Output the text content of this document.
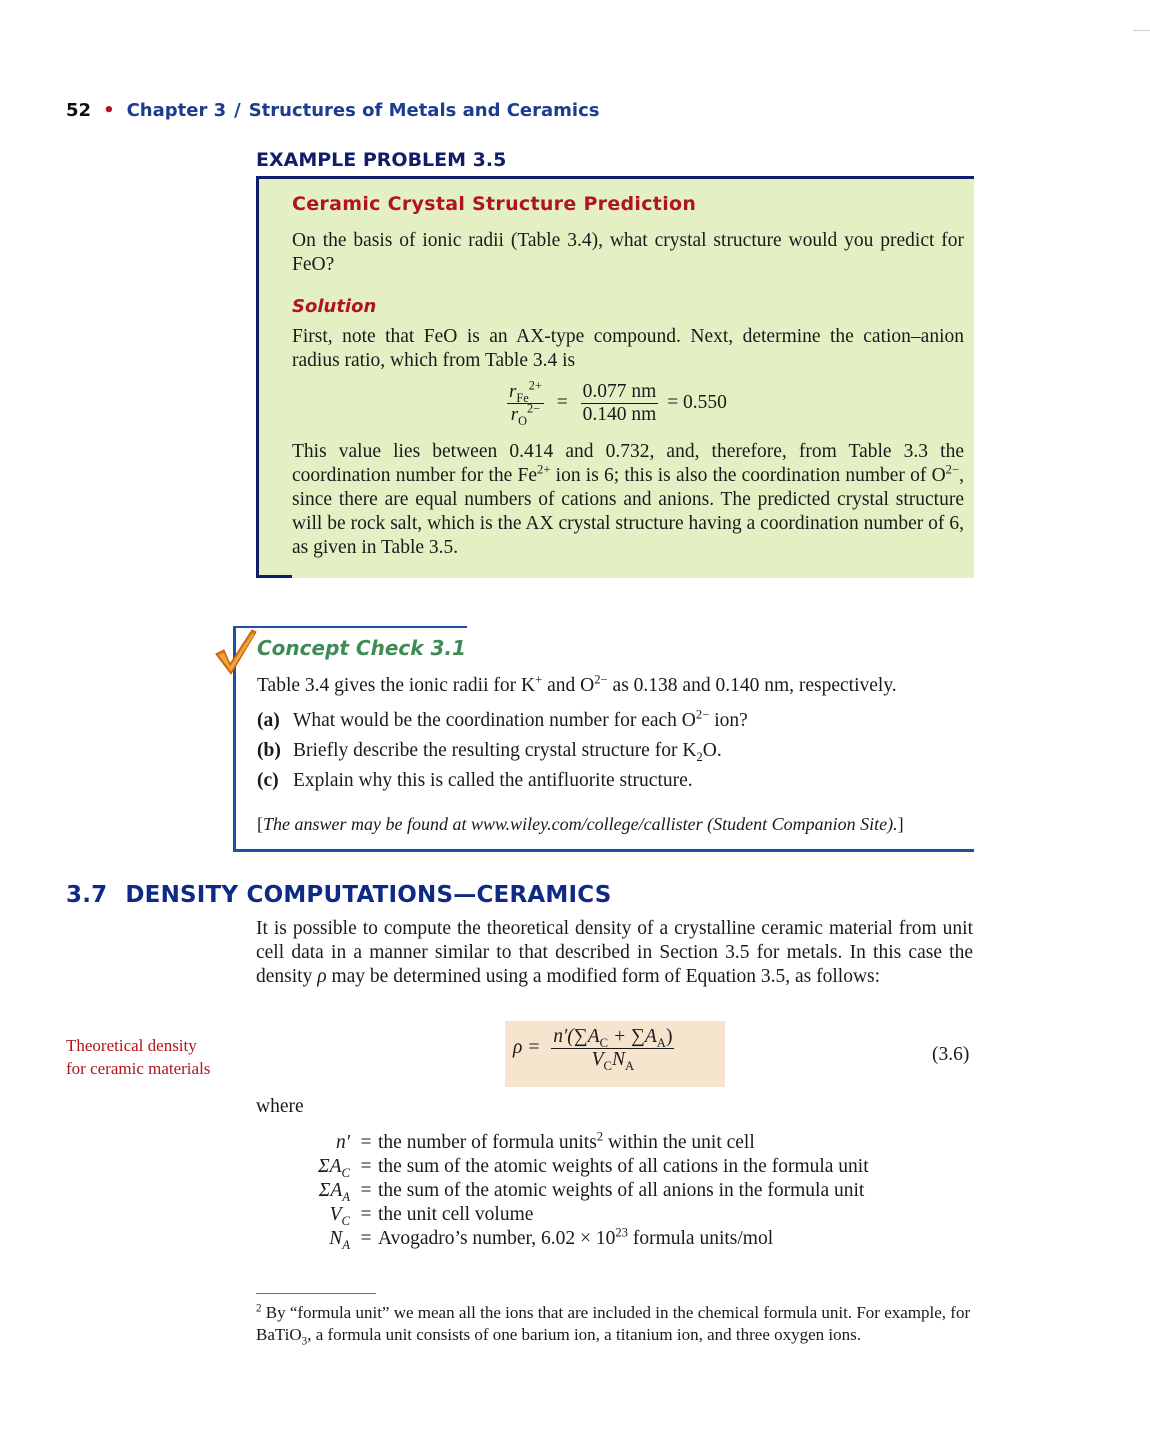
52 • Chapter 3 / Structures of Metals and Ceramics
EXAMPLE PROBLEM 3.5
Ceramic Crystal Structure Prediction
On the basis of ionic radii (Table 3.4), what crystal structure would you predict for FeO?
Solution
First, note that FeO is an AX-type compound. Next, determine the cation–anion radius ratio, which from Table 3.4 is
$\frac{r_{Fe}^{2+}}{r_O^{2-}} = \frac{0.077 nm}{0.140 nm} = 0.550$
This value lies between 0.414 and 0.732, and, therefore, from Table 3.3 the coordination number for the $Fe^{2+}$ ion is 6; this is also the coordination number of $O^{2-}$, since there are equal numbers of cations and anions. The predicted crystal structure will be rock salt, which is the AX crystal structure having a coordination number of 6, as given in Table 3.5.
Concept Check 3.1
Table 3.4 gives the ionic radii for K+ and $O^{2-}$ as 0.138 and 0.140 nm, respectively.
(a) What would be the coordination number for each $O^{2-}$ ion?
(b) Briefly describe the resulting crystal structure for $K_2O$.
(c) Explain why this is called the antifluorite structure.
[The answer may be found at www.wiley.com/college/callister (Student Companion Site).]
3.7 DENSITY COMPUTATIONS—CERAMICS
It is possible to compute the theoretical density of a crystalline ceramic material from unit cell data in a manner similar to that described in Section 3.5 for metals. In this case the density ρ may be determined using a modified form of Equation 3.5, as follows:
Theoretical density
for ceramic materials
$\rho = \frac{n'(\sum A_C + \sum A_A)}{V_CN_A}$	(3.6)
where
n′	=	the number of formula units$^2$ within the unit cell
$\Sigma A_C$	=	the sum of the atomic weights of all cations in the formula unit
$\Sigma A_A$	=	the sum of the atomic weights of all anions in the formula unit
$V_C$	=	the unit cell volume
$N_A$	=	Avogadro’s number, $6.02 \times 10^{23}$ formula units/mol
$^2$ By “formula unit” we mean all the ions that are included in the chemical formula unit. For example, for BaTiO$_3$, a formula unit consists of one barium ion, a titanium ion, and three oxygen ions.
